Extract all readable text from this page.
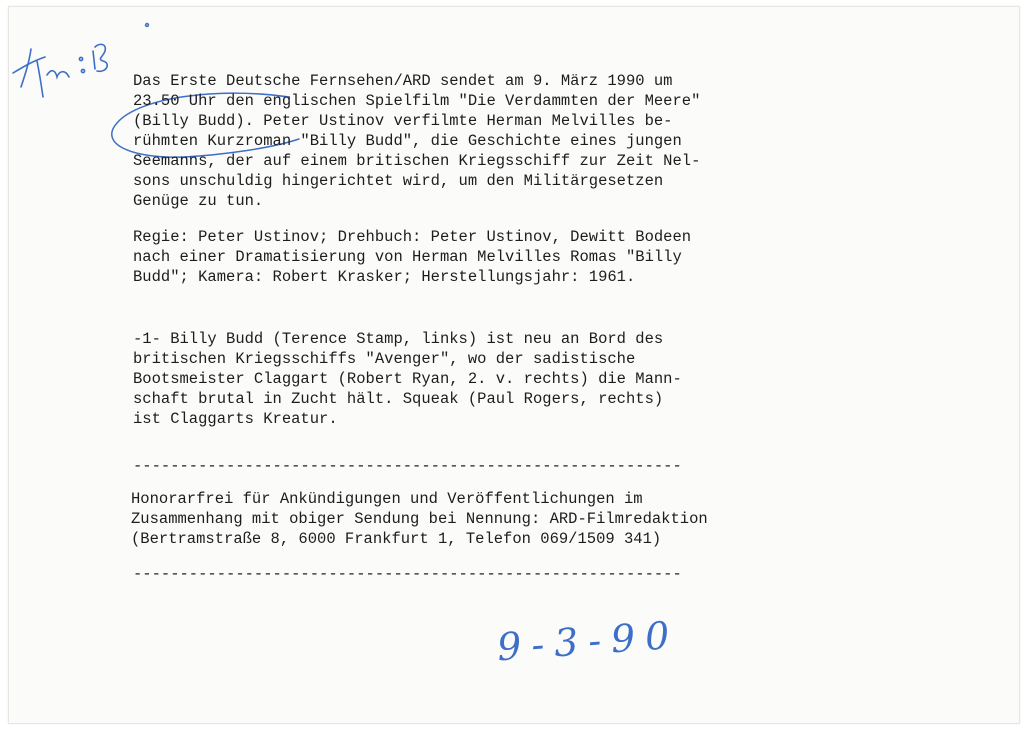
Das Erste Deutsche Fernsehen/ARD sendet am 9. März 1990 um
23.50 Uhr den englischen Spielfilm "Die Verdammten der Meere"
(Billy Budd). Peter Ustinov verfilmte Herman Melvilles be-
rühmten Kurzroman "Billy Budd", die Geschichte eines jungen
Seemanns, der auf einem britischen Kriegsschiff zur Zeit Nel-
sons unschuldig hingerichtet wird, um den Militärgesetzen
Genüge zu tun.
Regie: Peter Ustinov; Drehbuch: Peter Ustinov, Dewitt Bodeen
nach einer Dramatisierung von Herman Melvilles Romas "Billy
Budd"; Kamera: Robert Krasker; Herstellungsjahr: 1961.
-1- Billy Budd (Terence Stamp, links) ist neu an Bord des
britischen Kriegsschiffs "Avenger", wo der sadistische
Bootsmeister Claggart (Robert Ryan, 2. v. rechts) die Mann-
schaft brutal in Zucht hält. Squeak (Paul Rogers, rechts)
ist Claggarts Kreatur.
-----------------------------------------------------------
Honorarfrei für Ankündigungen und Veröffentlichungen im
Zusammenhang mit obiger Sendung bei Nennung: ARD-Filmredaktion
(Bertramstraße 8, 6000 Frankfurt 1, Telefon 069/1509 341)
-----------------------------------------------------------
9-3-90
